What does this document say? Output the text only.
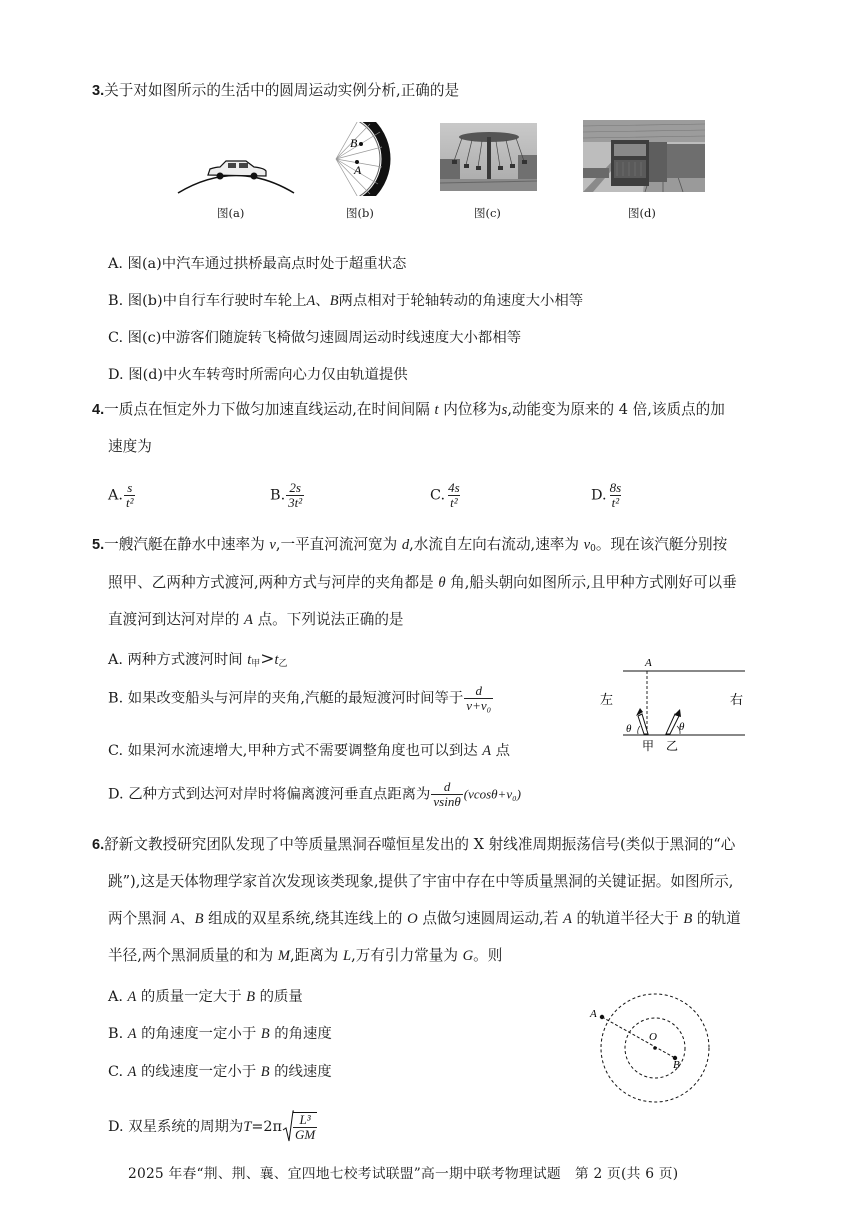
3.关于对如图所示的生活中的圆周运动实例分析,正确的是
图(a)
B
A
图(b)	图(c)	图(d)
A. 图(a)中汽车通过拱桥最高点时处于超重状态
B. 图(b)中自行车行驶时车轮上A、B两点相对于轮轴转动的角速度大小相等
C. 图(c)中游客们随旋转飞椅做匀速圆周运动时线速度大小都相等
D. 图(d)中火车转弯时所需向心力仅由轨道提供
4.一质点在恒定外力下做匀加速直线运动,在时间间隔 t 内位移为s,动能变为原来的 4 倍,该质点的加
速度为
A. $\frac{s}{\text{t²}}$	B. $\frac{2s}{\text{3t²}}$	C. $\frac{4s}{\text{t²}}$	D. $\frac{8s}{\text{t²}}$
5.一艘汽艇在静水中速率为 v,一平直河流河宽为 d,水流自左向右流动,速率为 $v_0$。现在该汽艇分别按
照甲、乙两种方式渡河,两种方式与河岸的夹角都是 θ 角,船头朝向如图所示,且甲种方式刚好可以垂
直渡河到达河对岸的 A 点。下列说法正确的是
A. 两种方式渡河时间 $t_甲>t_乙$
B. 如果改变船头与河岸的夹角,汽艇的最短渡河时间等于 $\frac{d}{\text{v+v₀}}$
C. 如果河水流速增大,甲种方式不需要调整角度也可以到达 A 点
D. 乙种方式到达河对岸时将偏离渡河垂直点距离为 $\frac{d}{vsin\theta} (vcos\theta+v_0)$
A
左	右
θ
甲
θ
乙
6.舒新文教授研究团队发现了中等质量黑洞吞噬恒星发出的 X 射线准周期振荡信号(类似于黑洞的“心
跳”),这是天体物理学家首次发现该类现象,提供了宇宙中存在中等质量黑洞的关键证据。如图所示,
两个黑洞 A、B 组成的双星系统,绕其连线上的 O 点做匀速圆周运动,若 A 的轨道半径大于 B 的轨道
半径,两个黑洞质量的和为 M,距离为 L,万有引力常量为 G。则
A. A 的质量一定大于 B 的质量
B. A 的角速度一定小于 B 的角速度
C. A 的线速度一定小于 B 的线速度
D. 双星系统的周期为$T=2\pi \frac{\text{L³}}{GM}$
A
O
B
2025 年春“荆、荆、襄、宜四地七校考试联盟”高一期中联考物理试题　第 2 页(共 6 页)
